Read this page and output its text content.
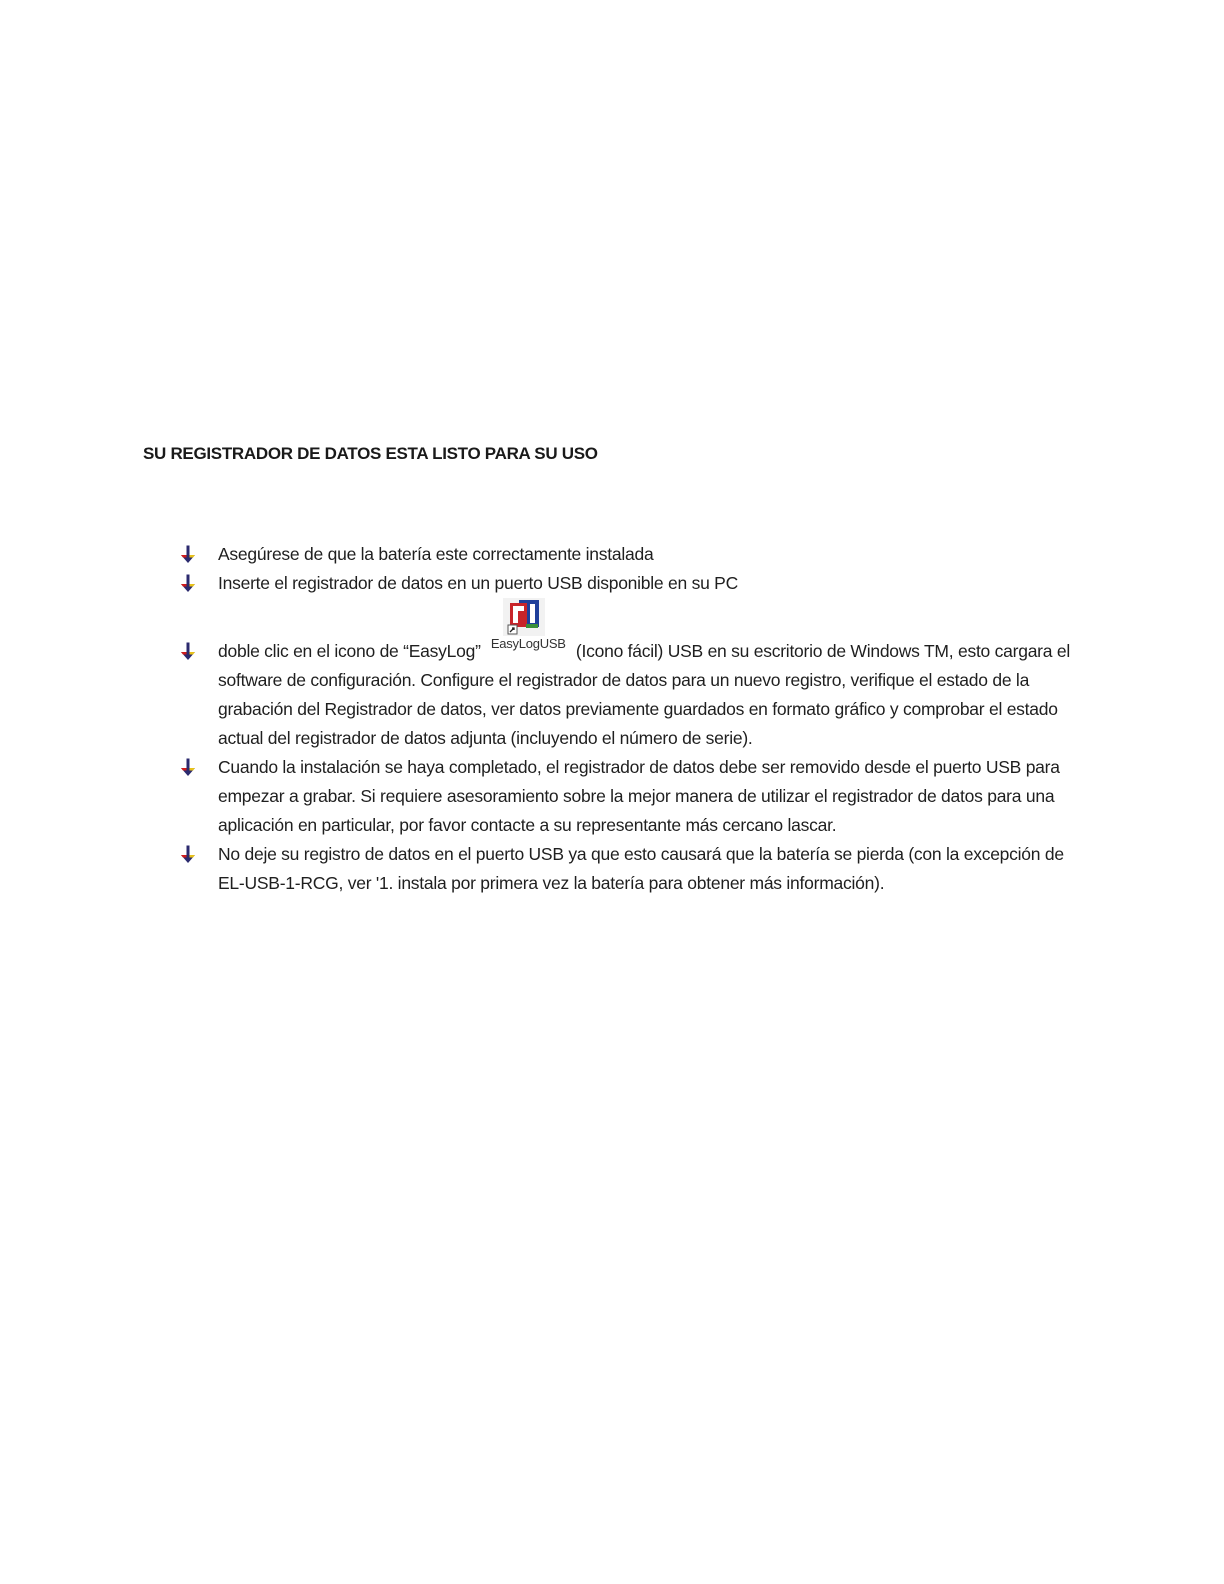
SU REGISTRADOR DE DATOS ESTA LISTO PARA SU USO
Asegúrese de que la batería este correctamente instalada
Inserte el registrador de datos en un puerto USB disponible en su PC
doble clic en el icono de “EasyLog” EasyLogUSB (Icono fácil) USB en su escritorio de Windows TM, esto cargara el software de configuración. Configure el registrador de datos para un nuevo registro, verifique el estado de la grabación del Registrador de datos, ver datos previamente guardados en formato gráfico y comprobar el estado actual del registrador de datos adjunta (incluyendo el número de serie).
Cuando la instalación se haya completado, el registrador de datos debe ser removido desde el puerto USB para empezar a grabar. Si requiere asesoramiento sobre la mejor manera de utilizar el registrador de datos para una aplicación en particular, por favor contacte a su representante más cercano lascar.
No deje su registro de datos en el puerto USB ya que esto causará que la batería se pierda (con la excepción de EL-USB-1-RCG, ver '1. instala por primera vez la batería para obtener más información).
